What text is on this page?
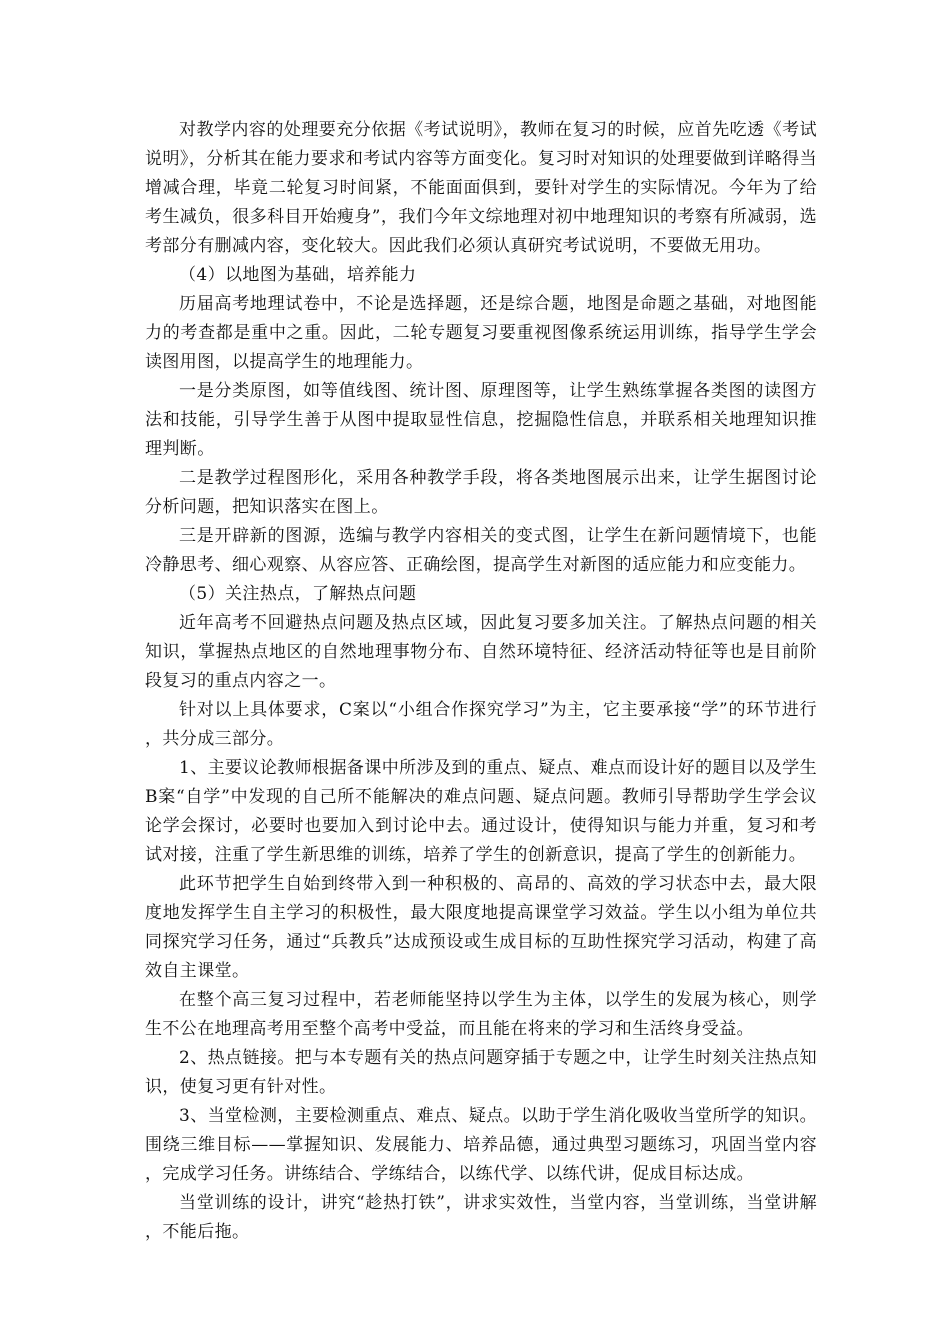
对教学内容的处理要充分依据《考试说明》，教师在复习的时候，应首先吃透《考试说明》，分析其在能力要求和考试内容等方面变化。复习时对知识的处理要做到详略得当增减合理，毕竟二轮复习时间紧，不能面面俱到，要针对学生的实际情况。今年为了给考生减负，很多科目开始瘦身”，我们今年文综地理对初中地理知识的考察有所减弱，选考部分有删减内容，变化较大。因此我们必须认真研究考试说明，不要做无用功。

（4）以地图为基础，培养能力

历届高考地理试卷中，不论是选择题，还是综合题，地图是命题之基础，对地图能力的考查都是重中之重。因此，二轮专题复习要重视图像系统运用训练，指导学生学会读图用图，以提高学生的地理能力。

一是分类原图，如等值线图、统计图、原理图等，让学生熟练掌握各类图的读图方法和技能，引导学生善于从图中提取显性信息，挖掘隐性信息，并联系相关地理知识推理判断。

二是教学过程图形化，采用各种教学手段，将各类地图展示出来，让学生据图讨论分析问题，把知识落实在图上。

三是开辟新的图源，选编与教学内容相关的变式图，让学生在新问题情境下，也能冷静思考、细心观察、从容应答、正确绘图，提高学生对新图的适应能力和应变能力。

（5）关注热点，了解热点问题

近年高考不回避热点问题及热点区域，因此复习要多加关注。了解热点问题的相关知识，掌握热点地区的自然地理事物分布、自然环境特征、经济活动特征等也是目前阶段复习的重点内容之一。

针对以上具体要求，C案以“小组合作探究学习”为主，它主要承接“学”的环节进行，共分成三部分。

1、主要议论教师根据备课中所涉及到的重点、疑点、难点而设计好的题目以及学生B案“自学”中发现的自己所不能解决的难点问题、疑点问题。教师引导帮助学生学会议论学会探讨，必要时也要加入到讨论中去。通过设计，使得知识与能力并重，复习和考试对接，注重了学生新思维的训练，培养了学生的创新意识，提高了学生的创新能力。

此环节把学生自始到终带入到一种积极的、高昂的、高效的学习状态中去，最大限度地发挥学生自主学习的积极性，最大限度地提高课堂学习效益。学生以小组为单位共同探究学习任务，通过“兵教兵”达成预设或生成目标的互助性探究学习活动，构建了高效自主课堂。

在整个高三复习过程中，若老师能坚持以学生为主体，以学生的发展为核心，则学生不公在地理高考用至整个高考中受益，而且能在将来的学习和生活终身受益。

2、热点链接。把与本专题有关的热点问题穿插于专题之中，让学生时刻关注热点知识，使复习更有针对性。

3、当堂检测，主要检测重点、难点、疑点。以助于学生消化吸收当堂所学的知识。围绕三维目标——掌握知识、发展能力、培养品德，通过典型习题练习，巩固当堂内容，完成学习任务。讲练结合、学练结合，以练代学、以练代讲，促成目标达成。

当堂训练的设计，讲究“趁热打铁”，讲求实效性，当堂内容，当堂训练，当堂讲解，不能后拖。
